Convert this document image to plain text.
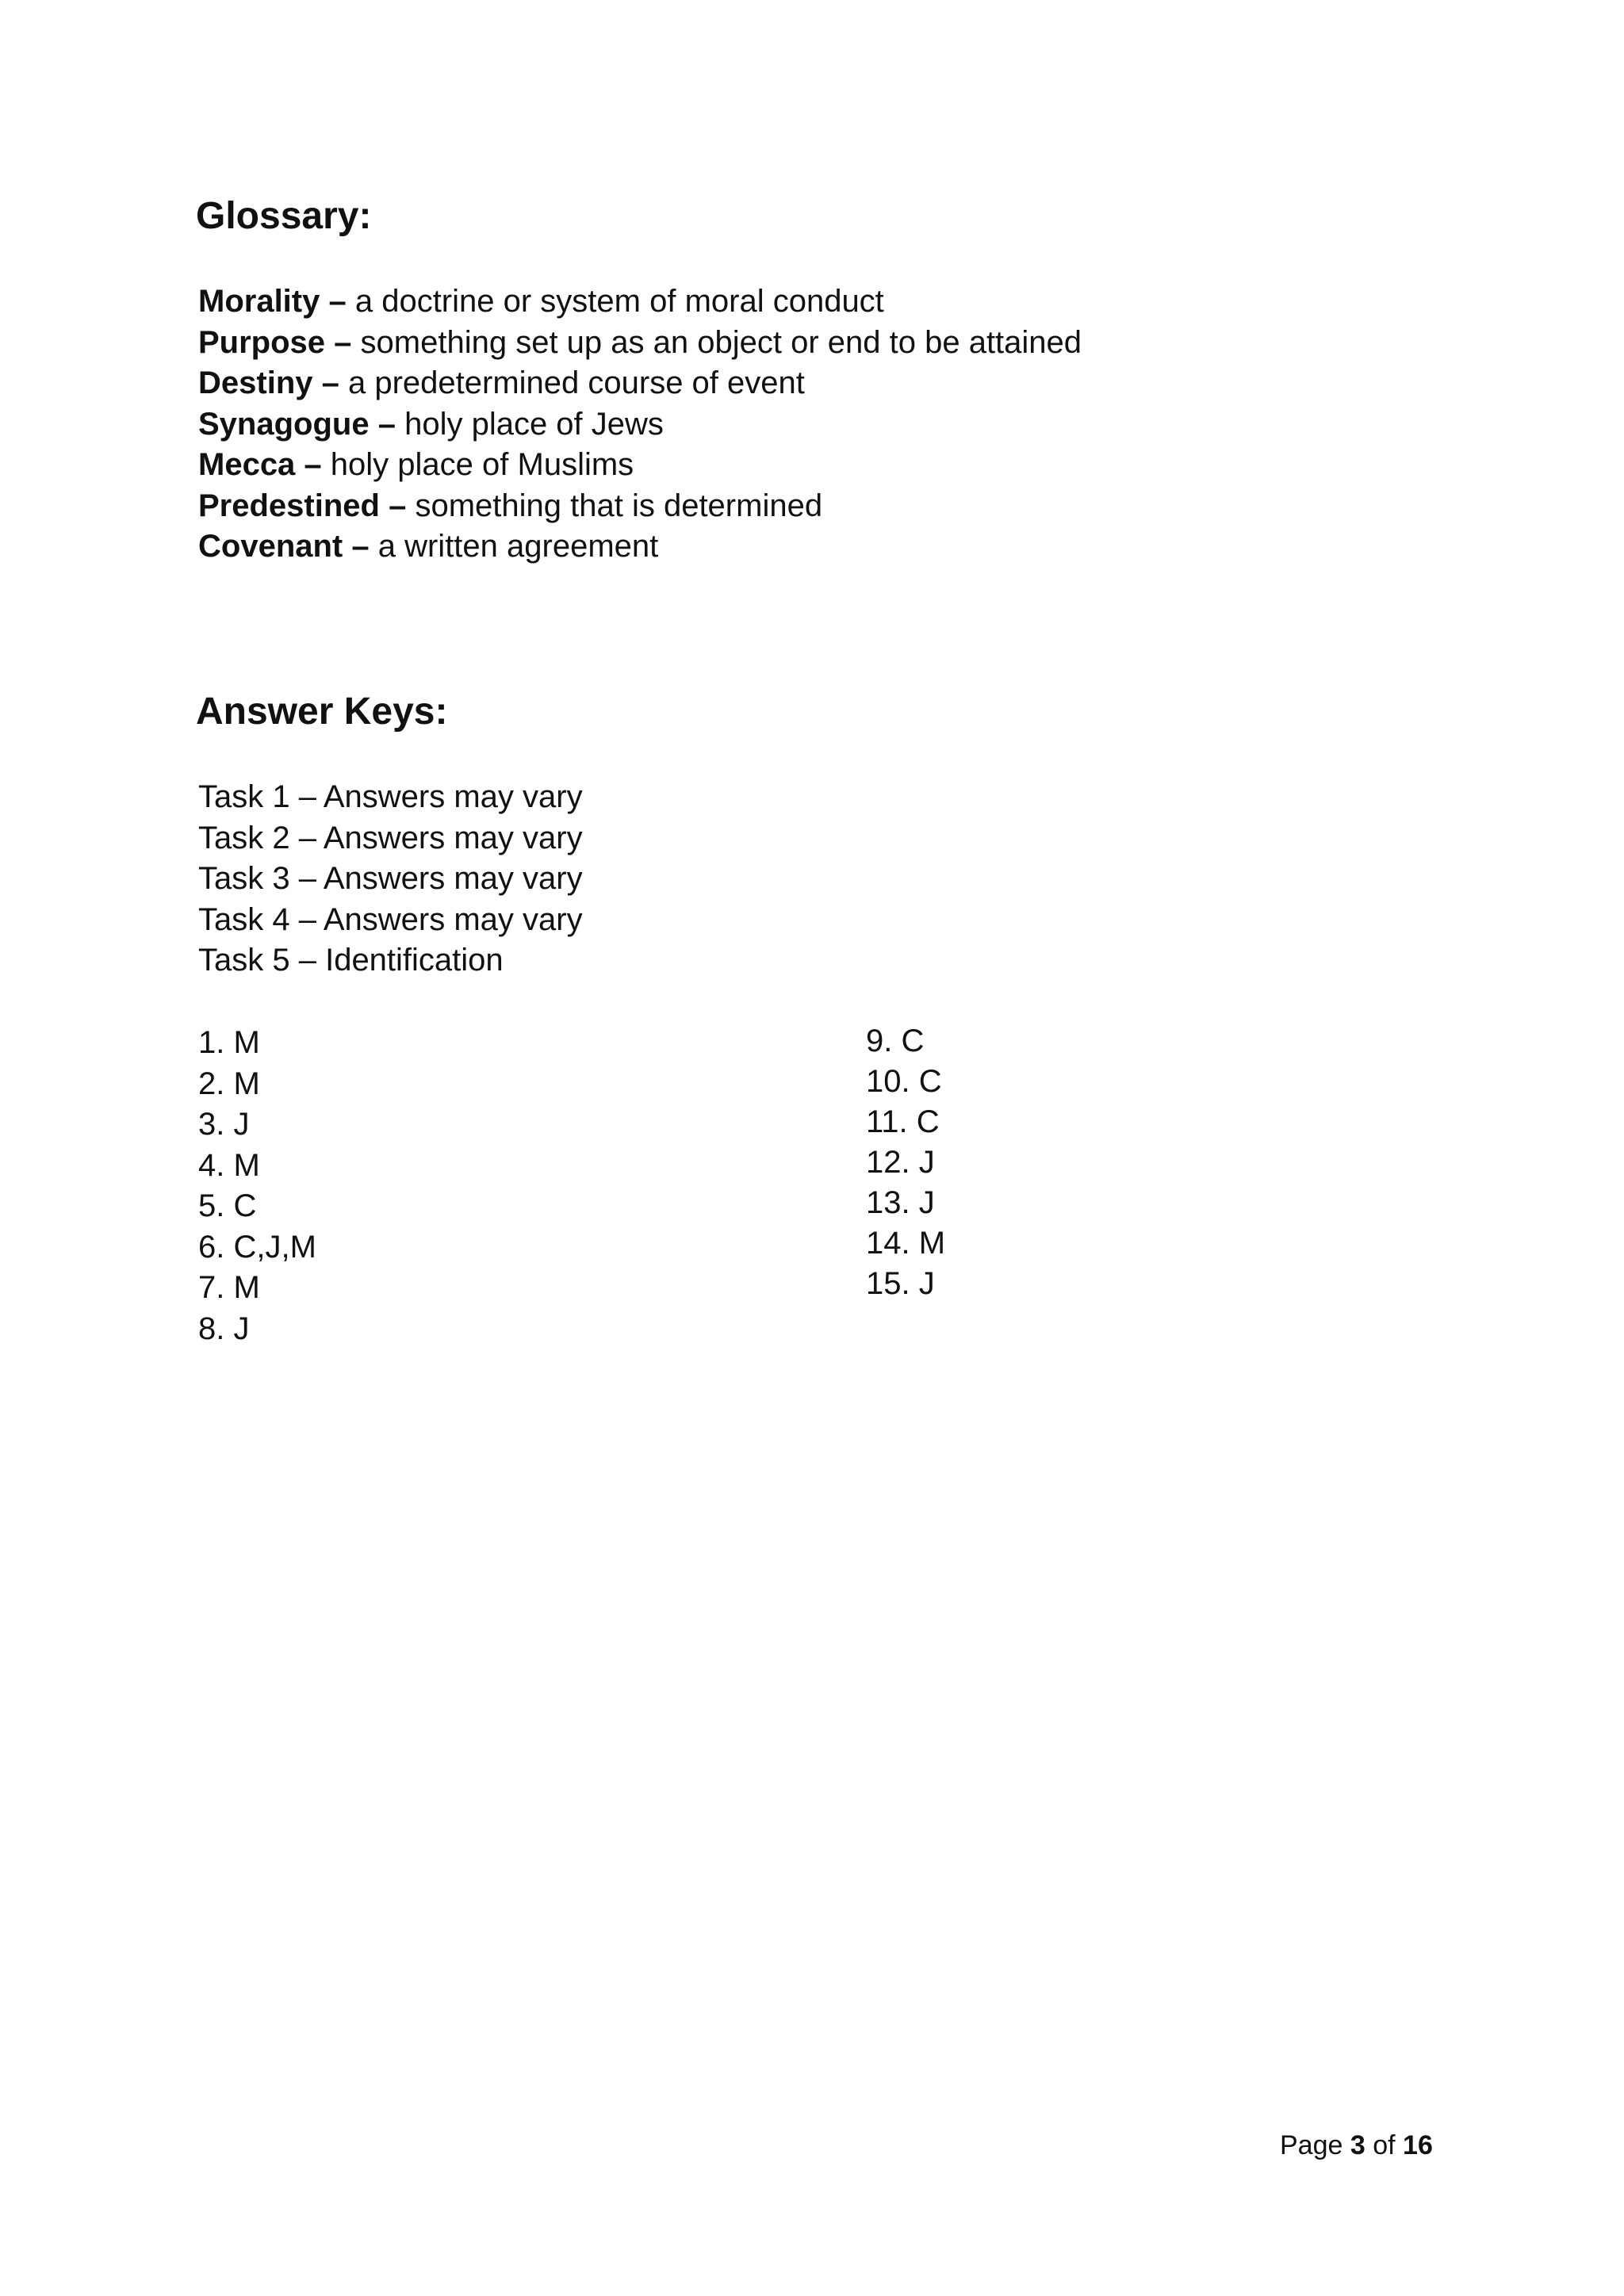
Glossary:
Morality – a doctrine or system of moral conduct
Purpose – something set up as an object or end to be attained
Destiny – a predetermined course of event
Synagogue – holy place of Jews
Mecca – holy place of Muslims
Predestined – something that is determined
Covenant – a written agreement
Answer Keys:
Task 1 – Answers may vary
Task 2 – Answers may vary
Task 3 – Answers may vary
Task 4 – Answers may vary
Task 5 – Identification
1. M
2. M
3. J
4. M
5. C
6. C,J,M
7. M
8. J
9. C
10. C
11. C
12. J
13. J
14. M
15. J
Page 3 of 16
